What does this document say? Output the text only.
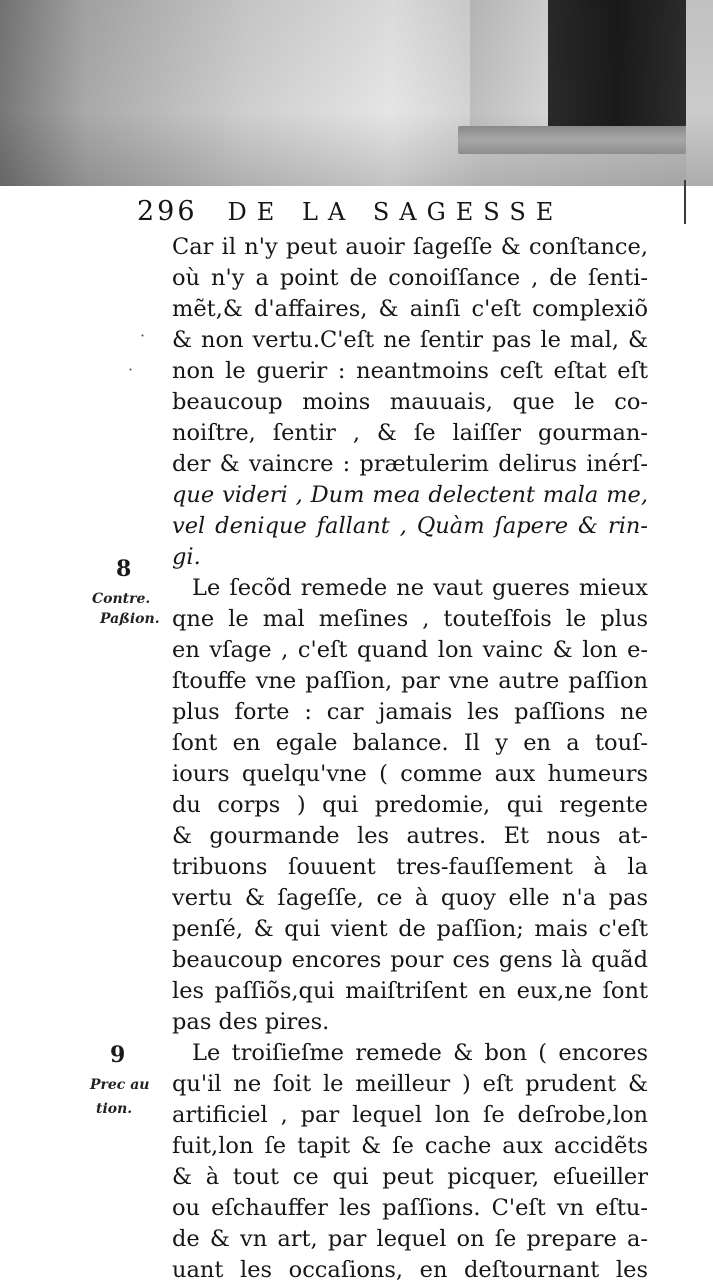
296 DE LA SAGESSE
·
·
8
Contre.
Paßion.
9
Prec au
tion.
Car il n'y peut auoir ſageſſe & conſtance,
où n'y a point de conoiſſance , de ſenti-
mẽt,& d'affaires, & ainſi c'eſt complexiõ
& non vertu.C'eſt ne ſentir pas le mal, &
non le guerir : neantmoins ceſt eſtat eſt
beaucoup moins mauuais, que le co-
noiſtre, ſentir , & ſe laiſſer gourman-
der & vaincre : prætulerim delirus inérſ-
que videri , Dum mea delectent mala me,
vel denique fallant , Quàm ſapere & rin-
gi.
Le ſecõd remede ne vaut gueres mieux
qne le mal meſines , touteſfois le plus
en vſage , c'eſt quand lon vainc & lon e-
ſtouffe vne paſſion, par vne autre paſſion
plus forte : car jamais les paſſions ne
ſont en egale balance. Il y en a touſ-
iours quelqu'vne ( comme aux humeurs
du corps ) qui predomie, qui regente
& gourmande les autres. Et nous at-
tribuons ſouuent tres-fauſſement à la
vertu & ſageſſe, ce à quoy elle n'a pas
penſé, & qui vient de paſſion; mais c'eſt
beaucoup encores pour ces gens là quãd
les paſſiõs,qui maiſtriſent en eux,ne ſont
pas des pires.
Le troiſieſme remede & bon ( encores
qu'il ne ſoit le meilleur ) eſt prudent &
artificiel , par lequel lon ſe deſrobe,lon
fuit,lon ſe tapit & ſe cache aux accidẽts
& à tout ce qui peut picquer, eſueiller
ou eſchauffer les paſſions. C'eſt vn eſtu-
de & vn art, par lequel on ſe prepare a-
uant les occaſions, en deſtournant les
